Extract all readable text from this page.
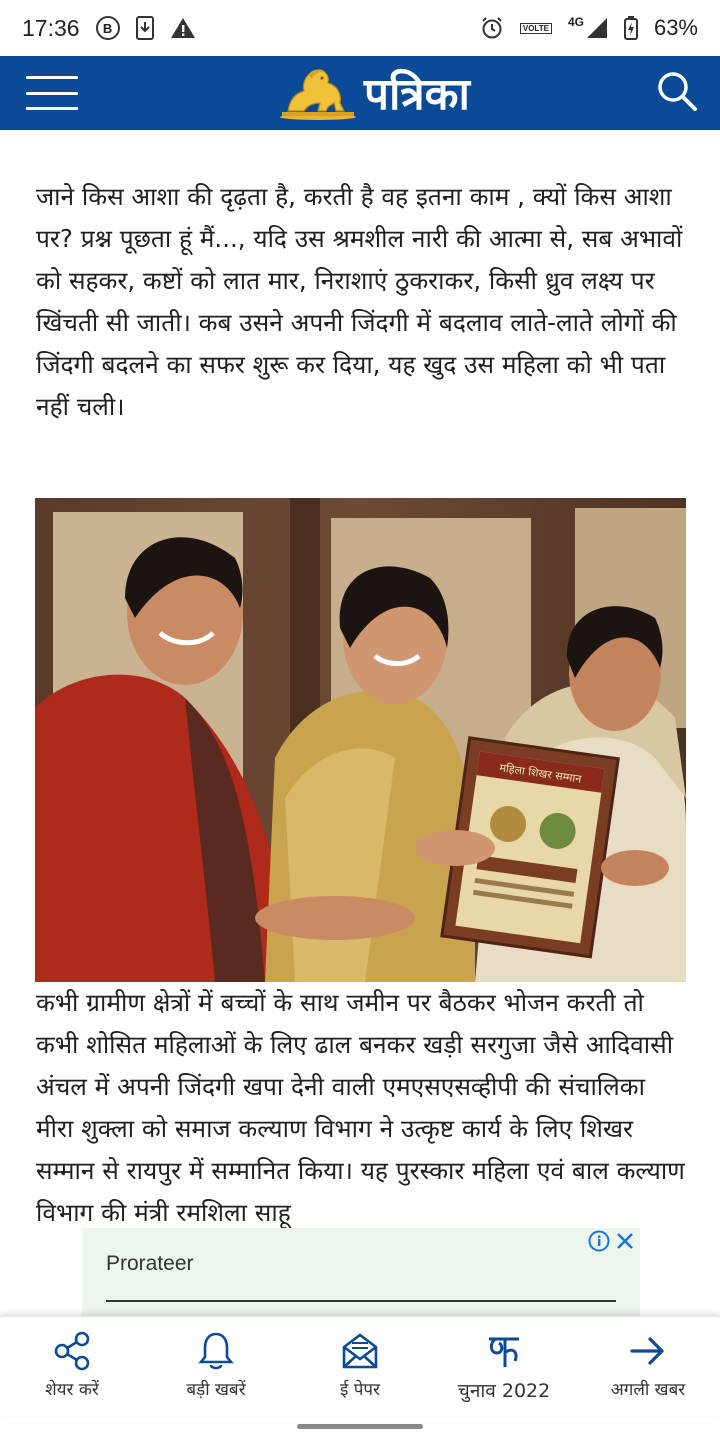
17:36	B	VO LTE 4G	63%
पत्रिका

जाने किस आशा की दृढ़ता है, करती है वह इतना काम , क्यों किस आशा पर? प्रश्न पूछता हूं मैं..., यदि उस श्रमशील नारी की आत्मा से, सब अभावों को सहकर, कष्टों को लात मार, निराशाएं ठुकराकर, किसी ध्रुव लक्ष्य पर खिंचती सी जाती। कब उसने अपनी जिंदगी में बदलाव लाते-लाते लोगों की जिंदगी बदलने का सफर शुरू कर दिया, यह खुद उस महिला को भी पता नहीं चली।

महिला शिखर सम्मान

कभी ग्रामीण क्षेत्रों में बच्चों के साथ जमीन पर बैठकर भोजन करती तो कभी शोसित महिलाओं के लिए ढाल बनकर खड़ी सरगुजा जैसे आदिवासी अंचल में अपनी जिंदगी खपा देनी वाली एमएसएसव्हीपी की संचालिका मीरा शुक्ला को समाज कल्याण विभाग ने उत्कृष्ट कार्य के लिए शिखर सम्मान से रायपुर में सम्मानित किया। यह पुरस्कार महिला एवं बाल कल्याण विभाग की मंत्री रमशिला साहू

Prorateer
शेयर करें	बड़ी खबरें	ई पेपर	चुनाव 2022	अगली खबर
